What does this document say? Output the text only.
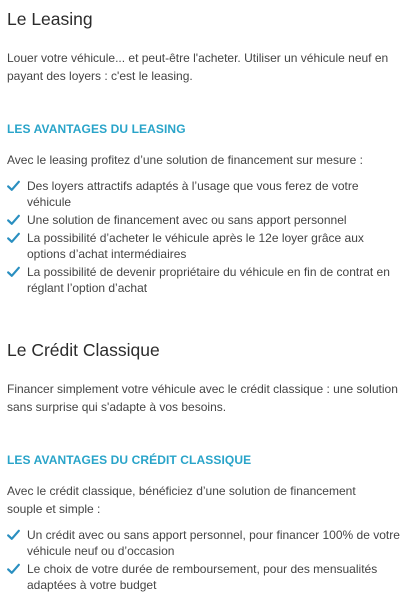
Le Leasing

Louer votre véhicule... et peut-être l'acheter. Utiliser un véhicule neuf en payant des loyers : c'est le leasing.

LES AVANTAGES DU LEASING

Avec le leasing profitez d’une solution de financement sur mesure :

Des loyers attractifs adaptés à l’usage que vous ferez de votre véhicule
Une solution de financement avec ou sans apport personnel
La possibilité d’acheter le véhicule après le 12e loyer grâce aux options d’achat intermédiaires
La possibilité de devenir propriétaire du véhicule en fin de contrat en réglant l’option d’achat
Le Crédit Classique

Financer simplement votre véhicule avec le crédit classique : une solution sans surprise qui s'adapte à vos besoins.

LES AVANTAGES DU CRÉDIT CLASSIQUE

Avec le crédit classique, bénéficiez d’une solution de financement souple et simple :

Un crédit avec ou sans apport personnel, pour financer 100% de votre véhicule neuf ou d’occasion
Le choix de votre durée de remboursement, pour des mensualités adaptées à votre budget
